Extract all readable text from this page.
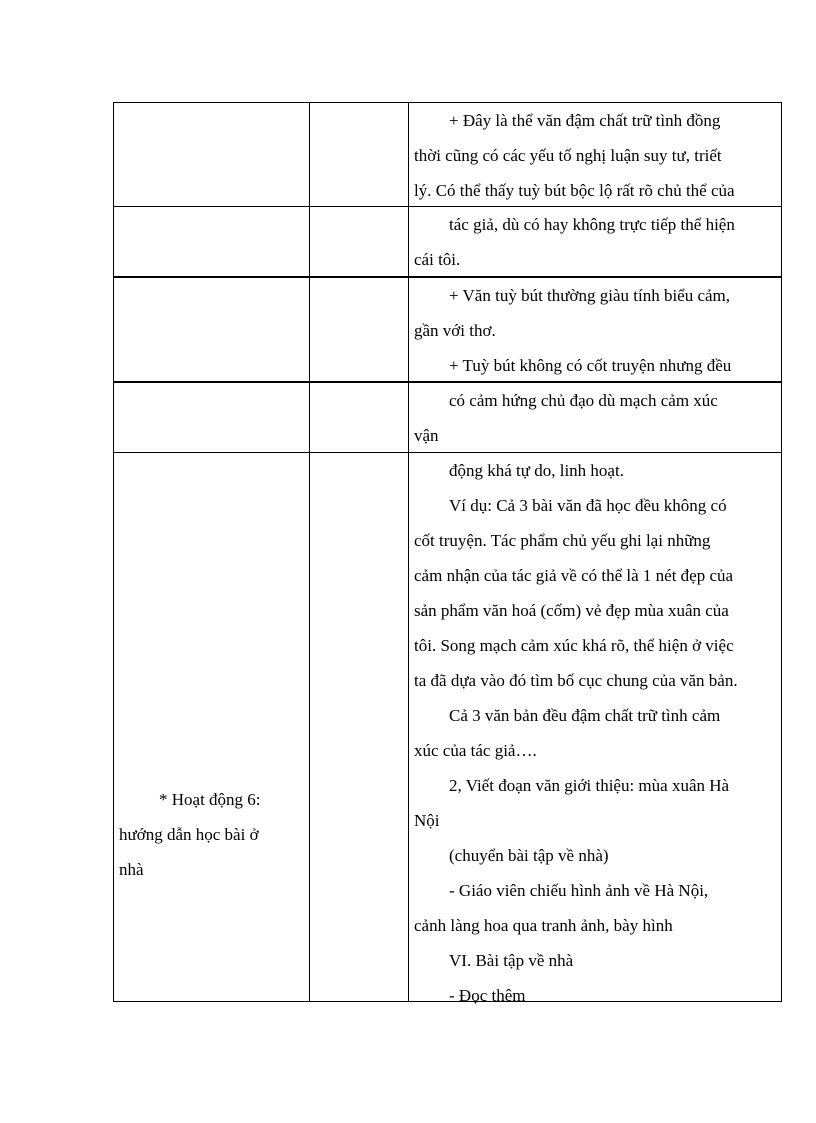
+ Đây là thể văn đậm chất trữ tình đồng
thời cũng có các yếu tố nghị luận suy tư, triết
lý. Có thể thấy tuỳ bút bộc lộ rất rõ chủ thể của
tác giả, dù có hay không trực tiếp thể hiện
cái tôi.
+ Văn tuỳ bút thường giàu tính biểu cảm,
gần với thơ.
+ Tuỳ bút không có cốt truyện nhưng đều
có cảm hứng chủ đạo dù mạch cảm xúc
vận
* Hoạt động 6:
hướng dẫn học bài ở
nhà
động khá tự do, linh hoạt.
Ví dụ: Cả 3 bài văn đã học đều không có
cốt truyện. Tác phẩm chủ yếu ghi lại những
cảm nhận của tác giả về có thể là 1 nét đẹp của
sản phẩm văn hoá (cốm) vẻ đẹp mùa xuân của
tôi. Song mạch cảm xúc khá rõ, thể hiện ở việc
ta đã dựa vào đó tìm bố cục chung của văn bản.
Cả 3 văn bản đều đậm chất trữ tình cảm
xúc của tác giả….
2, Viết đoạn văn giới thiệu: mùa xuân Hà
Nội
(chuyển bài tập về nhà)
- Giáo viên chiếu hình ảnh về Hà Nội,
cảnh làng hoa qua tranh ảnh, bày hình
VI. Bài tập về nhà
- Đọc thêm
